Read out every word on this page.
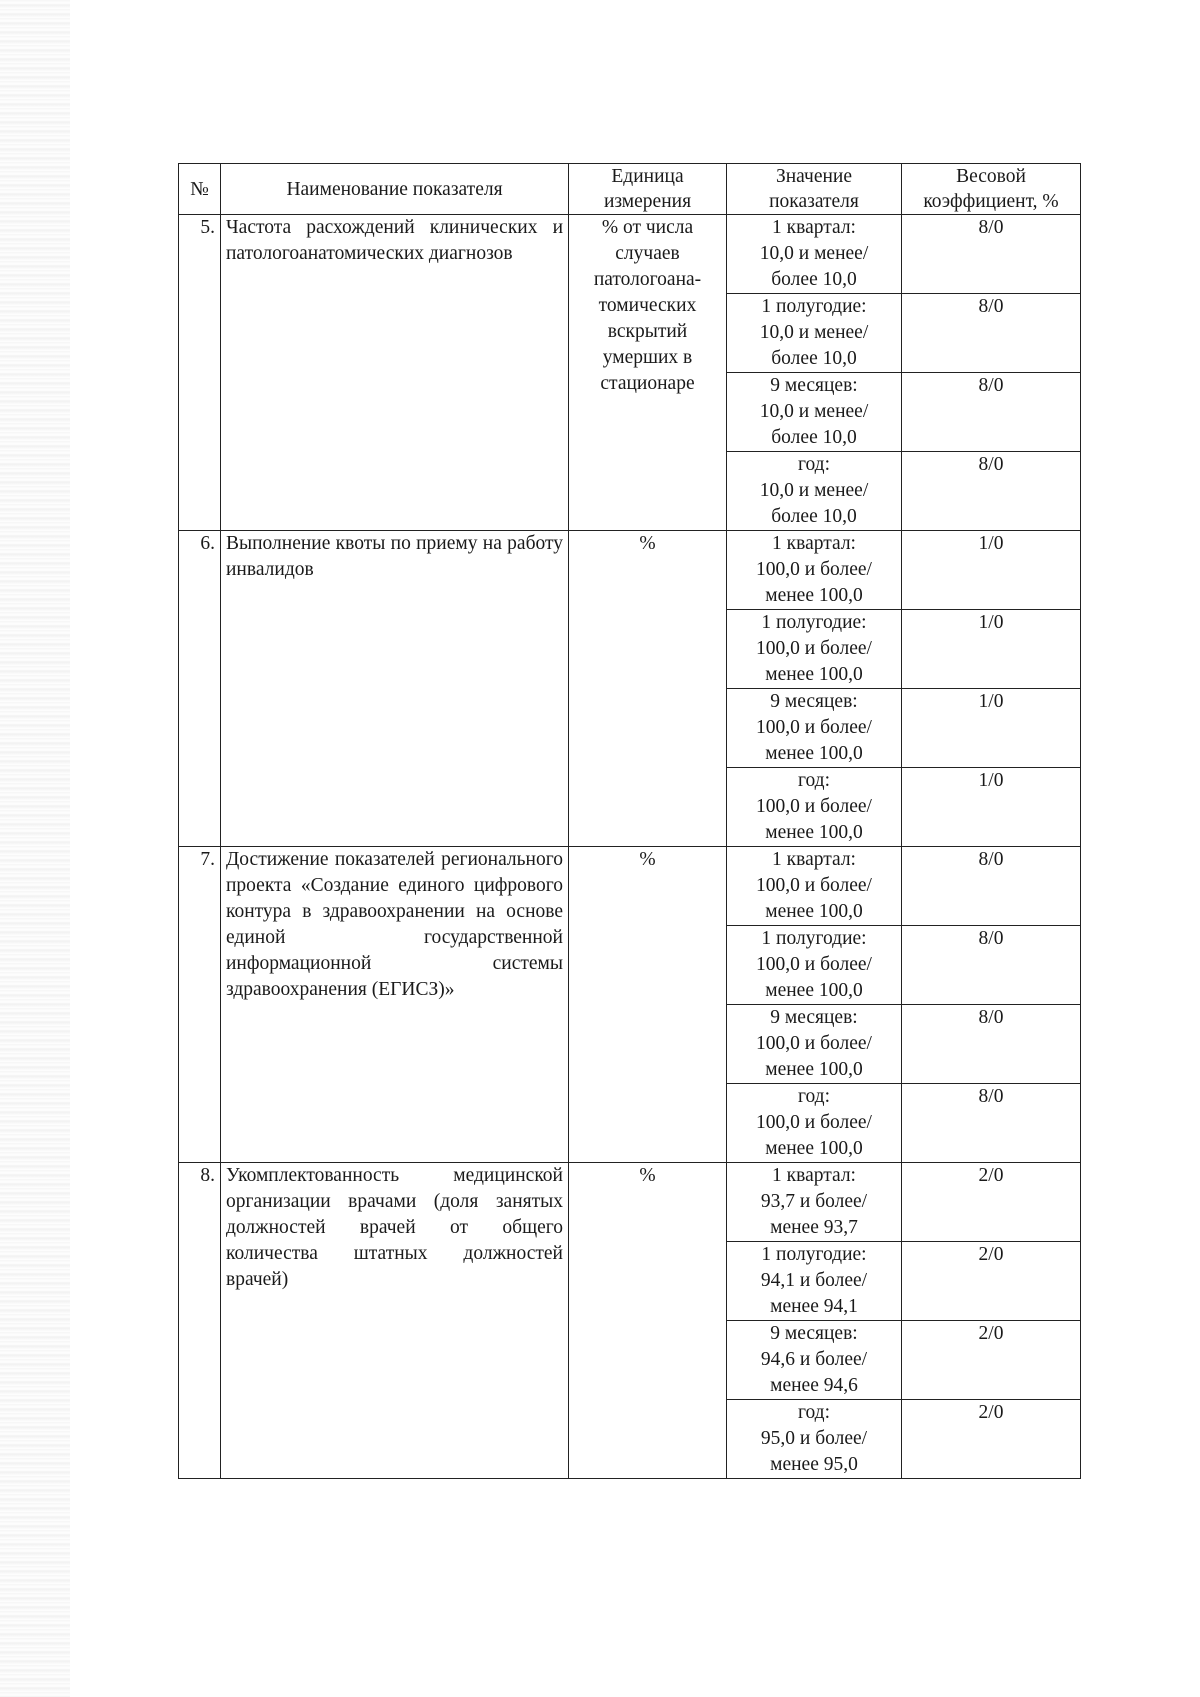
№	Наименование показателя	Единица измерения	Значение показателя	Весовой коэффициент, %
5.	Частота расхождений клинических и патологоанатомических диагнозов	% от числа случаев патологоана-томических вскрытий умерших в стационаре	1 квартал:
10,0 и менее/
более 10,0	8/0
			1 полугодие:
10,0 и менее/
более 10,0	8/0
			9 месяцев:
10,0 и менее/
более 10,0	8/0
			год:
10,0 и менее/
более 10,0	8/0
6.	Выполнение квоты по приему на работу инвалидов	%	1 квартал:
100,0 и более/
менее 100,0	1/0
			1 полугодие:
100,0 и более/
менее 100,0	1/0
			9 месяцев:
100,0 и более/
менее 100,0	1/0
			год:
100,0 и более/
менее 100,0	1/0
7.	Достижение показателей регионального проекта «Создание единого цифрового контура в здравоохранении на основе единой государственной информационной системы здравоохранения (ЕГИСЗ)»	%	1 квартал:
100,0 и более/
менее 100,0	8/0
			1 полугодие:
100,0 и более/
менее 100,0	8/0
			9 месяцев:
100,0 и более/
менее 100,0	8/0
			год:
100,0 и более/
менее 100,0	8/0
8.	Укомплектованность медицинской организации врачами (доля занятых должностей врачей от общего количества штатных должностей врачей)	%	1 квартал:
93,7 и более/
менее 93,7	2/0
			1 полугодие:
94,1 и более/
менее 94,1	2/0
			9 месяцев:
94,6 и более/
менее 94,6	2/0
			год:
95,0 и более/
менее 95,0	2/0
